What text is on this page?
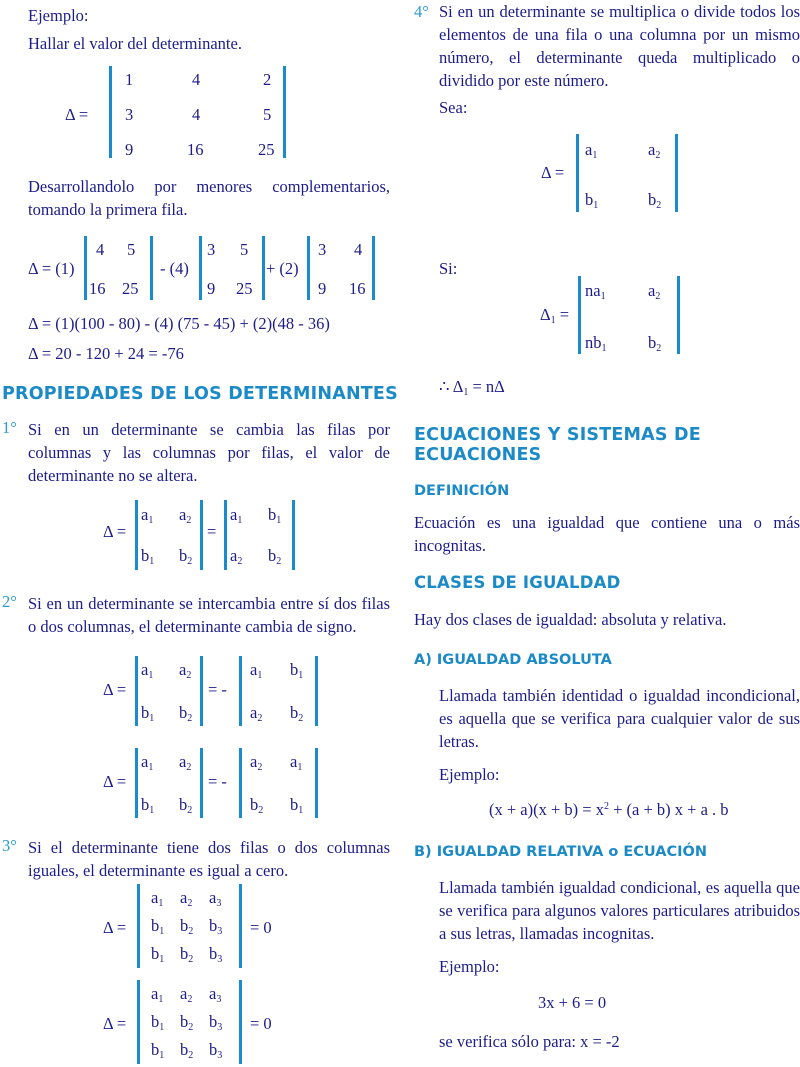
Ejemplo:
Hallar el valor del determinante.
Δ =
1	4	2
3	4	5
9	16	25
Desarrollandolo por menores complementarios, tomando la primera fila.
Δ = (1)
4 5
16 25
- (4)
3 5
9 25
+ (2)
3 4
9 16
Δ = (1)(100 - 80) - (4) (75 - 45) + (2)(48 - 36)
Δ = 20 - 120 + 24 = -76
PROPIEDADES DE LOS DETERMINANTES
1° Si en un determinante se cambia las filas por columnas y las columnas por filas, el valor de determinante no se altera.
Δ =
$a_1$ $a_2$
$b_1$ $b_2$
=
$a_1$ $b_1$
$a_2$ $b_2$
2° Si en un determinante se intercambia entre sí dos filas o dos columnas, el determinante cambia de signo.
Δ =
$a_1$ $a_2$
$b_1$ $b_2$
= -
$a_1$ $b_1$
$a_2$ $b_2$
Δ =
$a_1$ $a_2$
$b_1$ $b_2$
= -
$a_2$ $a_1$
$b_2$ $b_1$
3° Si el determinante tiene dos filas o dos columnas iguales, el determinante es igual a cero.
Δ =
$a_1$ $a_2$ $a_3$
$b_1$ $b_2$ $b_3$
$b_1$ $b_2$ $b_3$
= 0
Δ =
$a_1$ $a_2$ $a_3$
$b_1$ $b_2$ $b_3$
$b_1$ $b_2$ $b_3$
= 0
4° Si en un determinante se multiplica o divide todos los elementos de una fila o una columna por un mismo número, el determinante queda multiplicado o dividido por este número.
Sea:
Δ =
$a_1$	$a_2$
$b_1$	$b_2$
Si:
$\Delta_1$ =
$na_1$	$a_2$
$nb_1$	$b_2$
∴ $\Delta_1 = n\Delta$
ECUACIONES Y SISTEMAS DE ECUACIONES
DEFINICIÓN
Ecuación es una igualdad que contiene una o más incognitas.
CLASES DE IGUALDAD
Hay dos clases de igualdad: absoluta y relativa.
A) IGUALDAD ABSOLUTA
Llamada también identidad o igualdad incondicional, es aquella que se verifica para cualquier valor de sus letras.
Ejemplo:
$(x + a)(x + b) = x^2 + (a + b) x + a$ . b
B) IGUALDAD RELATIVA o ECUACIÓN
Llamada también igualdad condicional, es aquella que se verifica para algunos valores particulares atribuidos a sus letras, llamadas incognitas.
Ejemplo:
3x + 6 = 0
se verifica sólo para: x = -2
